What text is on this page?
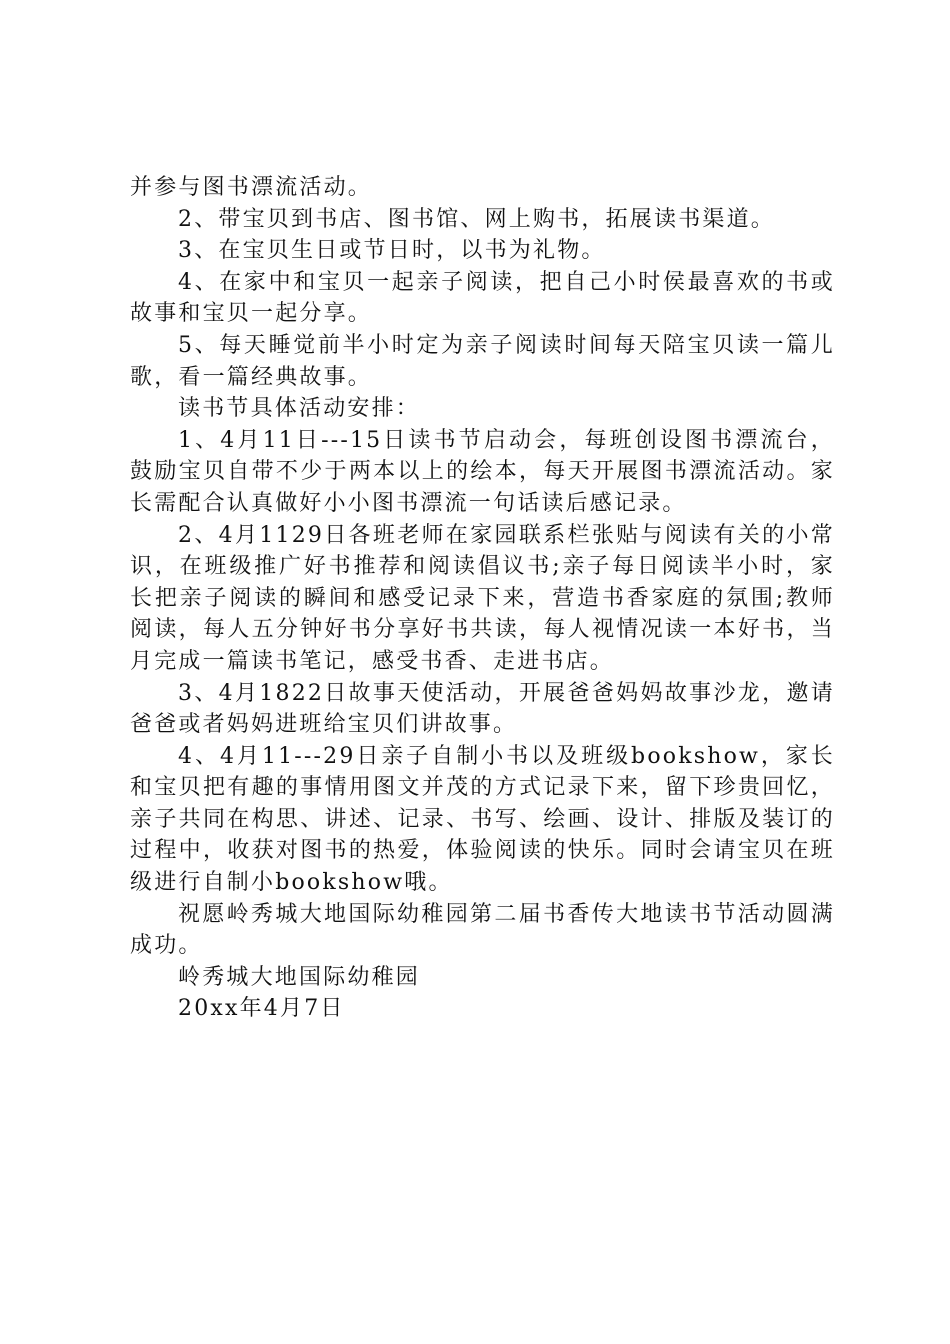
并参与图书漂流活动。

2、带宝贝到书店、图书馆、网上购书，拓展读书渠道。

3、在宝贝生日或节日时，以书为礼物。

4、在家中和宝贝一起亲子阅读，把自己小时侯最喜欢的书或故事和宝贝一起分享。

5、每天睡觉前半小时定为亲子阅读时间每天陪宝贝读一篇儿歌，看一篇经典故事。

读书节具体活动安排：

1、4月11日---15日读书节启动会，每班创设图书漂流台，鼓励宝贝自带不少于两本以上的绘本，每天开展图书漂流活动。家长需配合认真做好小小图书漂流一句话读后感记录。

2、4月1129日各班老师在家园联系栏张贴与阅读有关的小常识，在班级推广好书推荐和阅读倡议书;亲子每日阅读半小时，家长把亲子阅读的瞬间和感受记录下来，营造书香家庭的氛围;教师阅读，每人五分钟好书分享好书共读，每人视情况读一本好书，当月完成一篇读书笔记，感受书香、走进书店。

3、4月1822日故事天使活动，开展爸爸妈妈故事沙龙，邀请爸爸或者妈妈进班给宝贝们讲故事。

4、4月11---29日亲子自制小书以及班级bookshow，家长和宝贝把有趣的事情用图文并茂的方式记录下来，留下珍贵回忆，亲子共同在构思、讲述、记录、书写、绘画、设计、排版及装订的过程中，收获对图书的热爱，体验阅读的快乐。同时会请宝贝在班级进行自制小bookshow哦。

祝愿岭秀城大地国际幼稚园第二届书香传大地读书节活动圆满成功。

岭秀城大地国际幼稚园

20xx年4月7日
